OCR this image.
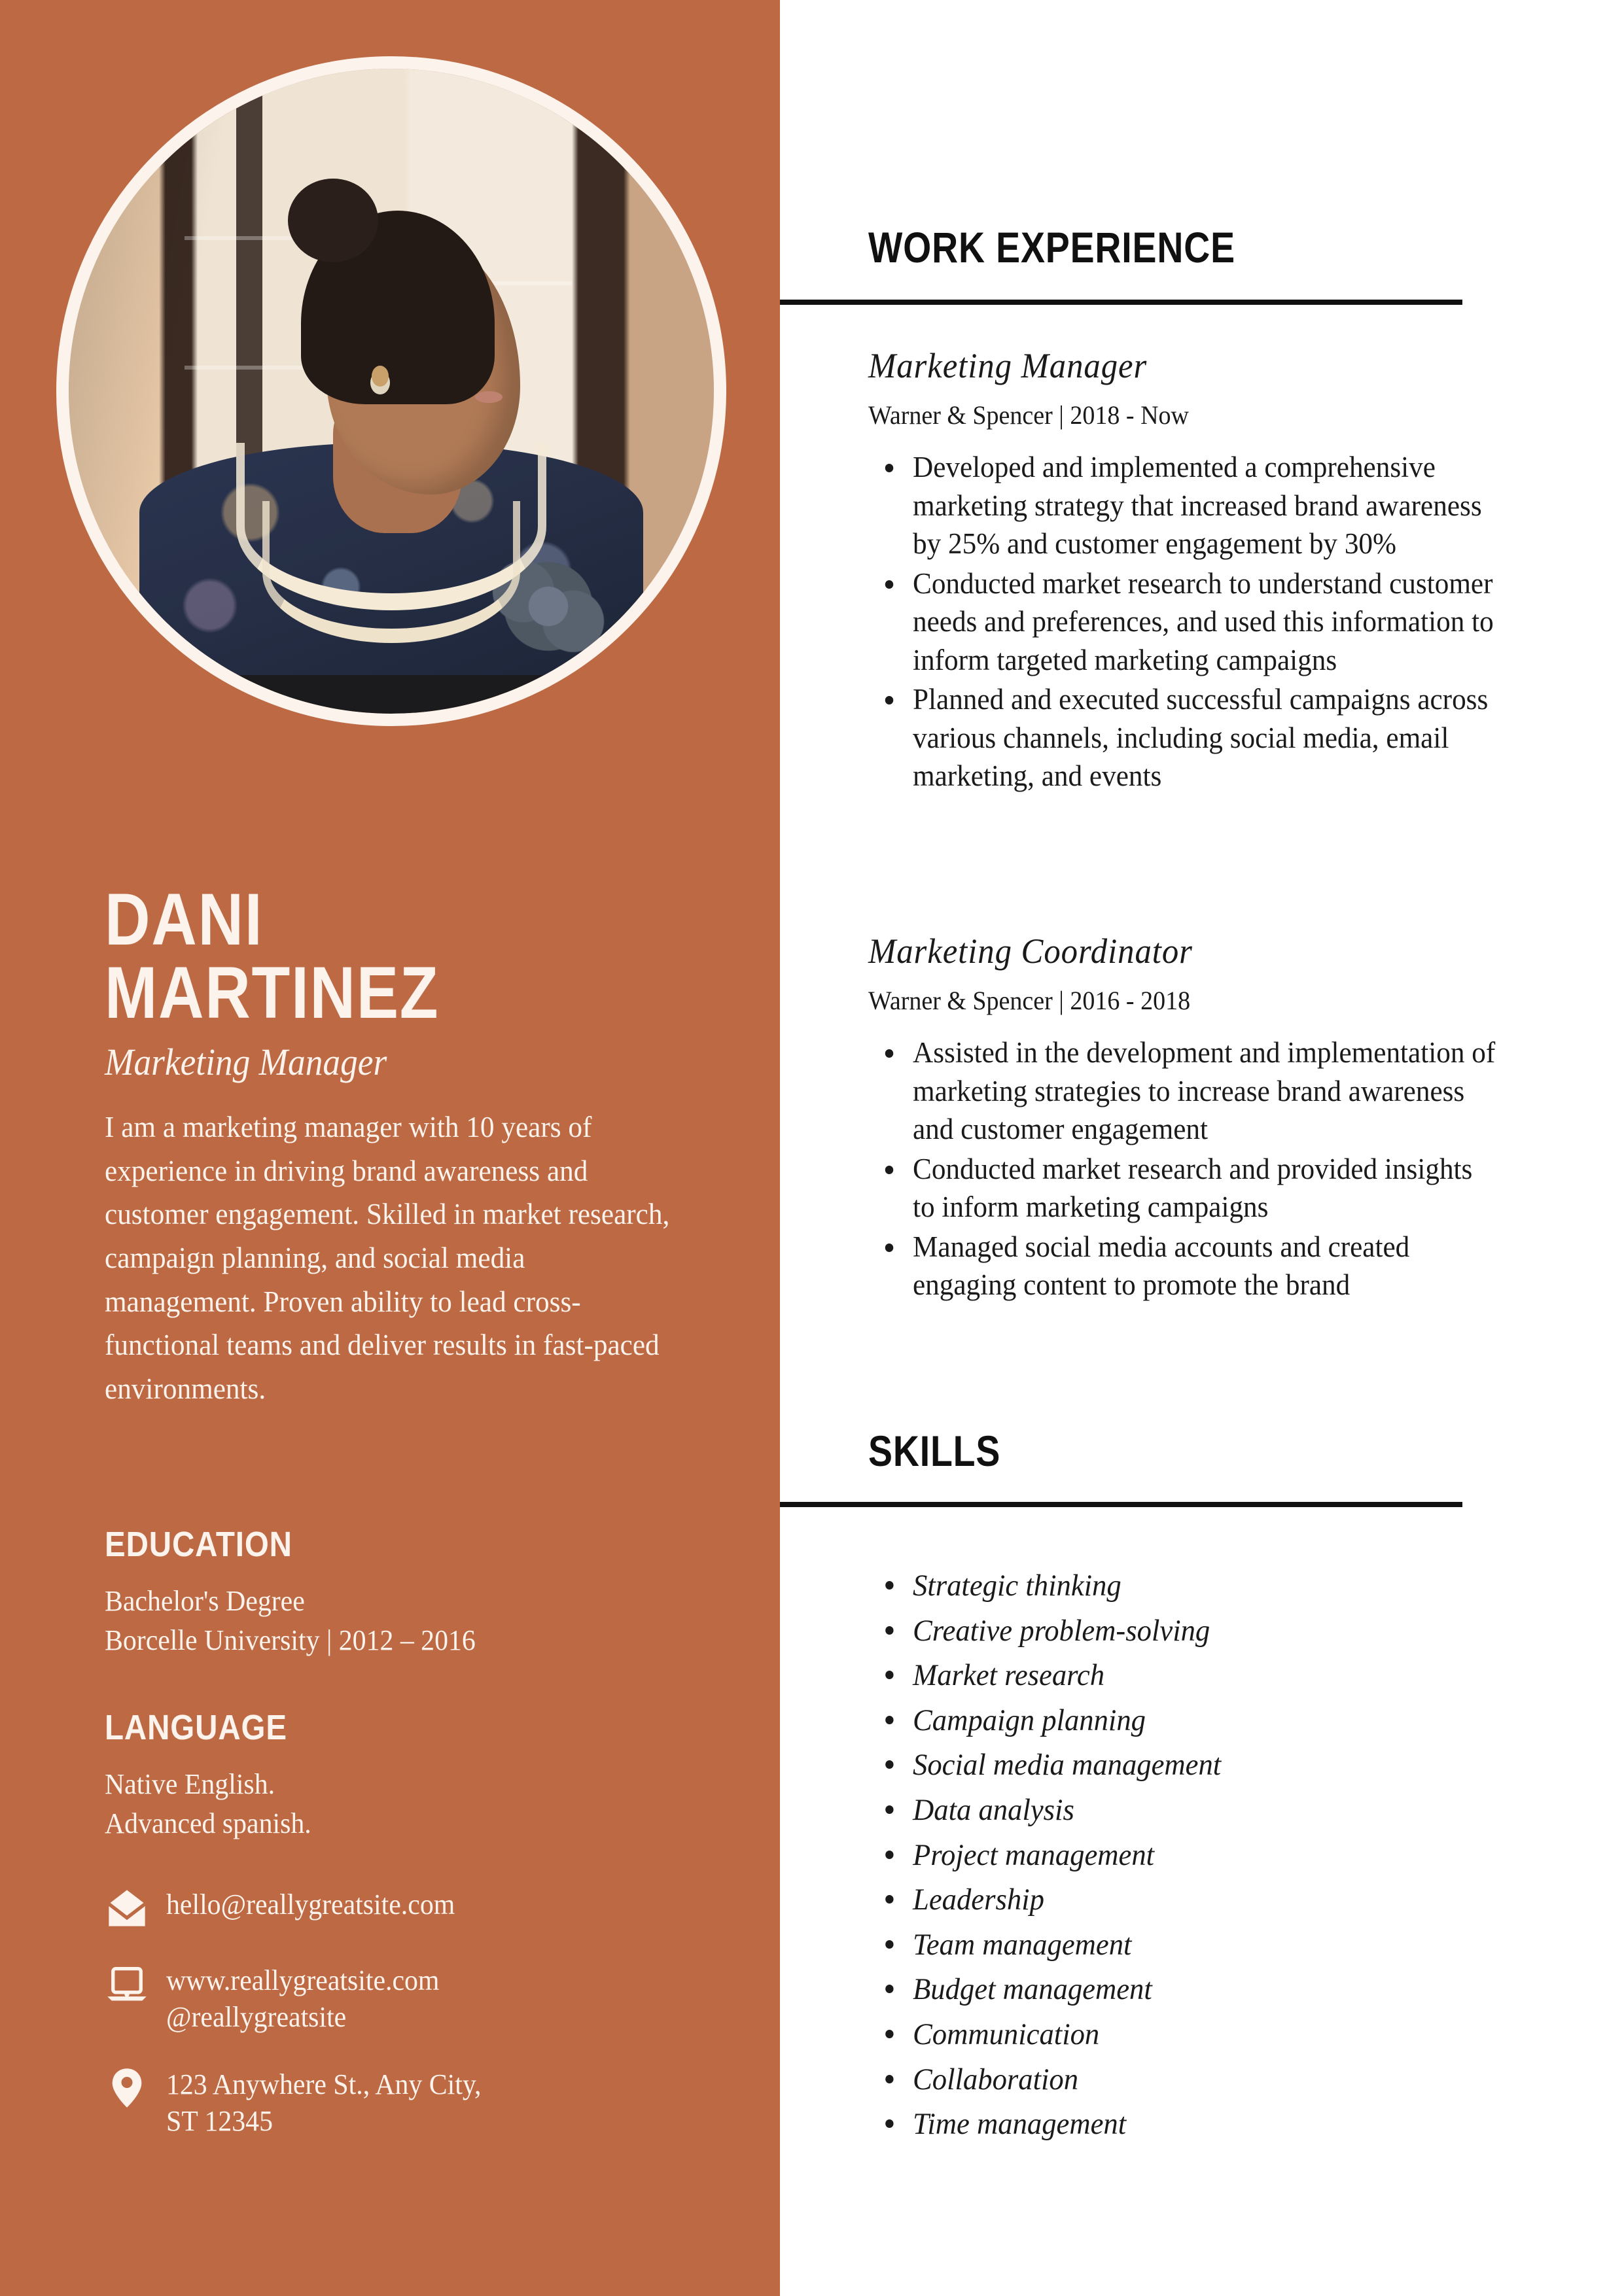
DANI
MARTINEZ
Marketing Manager
I am a marketing manager with 10 years of experience in driving brand awareness and customer engagement. Skilled in market research, campaign planning, and social media management. Proven ability to lead cross-functional teams and deliver results in fast-paced environments.
EDUCATION
Bachelor's Degree
Borcelle University | 2012 – 2016
LANGUAGE
Native English.
Advanced spanish.
hello@reallygreatsite.com
www.reallygreatsite.com
@reallygreatsite
123 Anywhere St., Any City,
ST 12345
WORK EXPERIENCE
Marketing Manager
Warner & Spencer | 2018 - Now
Developed and implemented a comprehensive marketing strategy that increased brand awareness by 25% and customer engagement by 30%
Conducted market research to understand customer needs and preferences, and used this information to inform targeted marketing campaigns
Planned and executed successful campaigns across various channels, including social media, email marketing, and events
Marketing Coordinator
Warner & Spencer | 2016 - 2018
Assisted in the development and implementation of marketing strategies to increase brand awareness and customer engagement
Conducted market research and provided insights to inform marketing campaigns
Managed social media accounts and created engaging content to promote the brand
SKILLS
Strategic thinking
Creative problem-solving
Market research
Campaign planning
Social media management
Data analysis
Project management
Leadership
Team management
Budget management
Communication
Collaboration
Time management
